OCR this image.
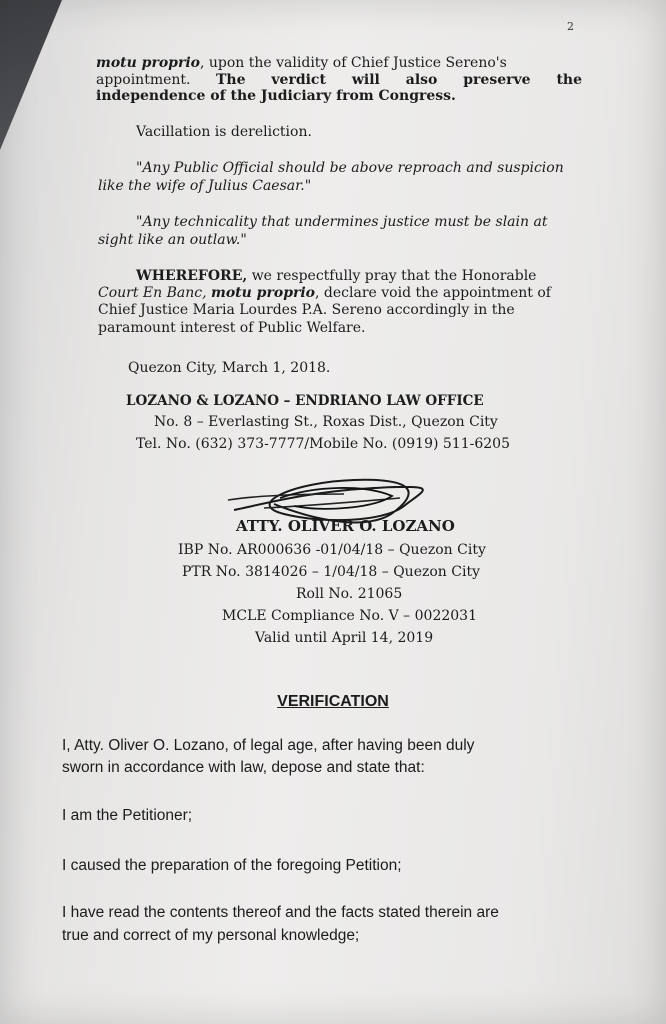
2
motu proprio, upon the validity of Chief Justice Sereno's
appointment. The verdict will also preserve the
independence of the Judiciary from Congress.
Vacillation is dereliction.
"Any Public Official should be above reproach and suspicion
like the wife of Julius Caesar."
"Any technicality that undermines justice must be slain at
sight like an outlaw."
WHEREFORE, we respectfully pray that the Honorable
Court En Banc, motu proprio, declare void the appointment of
Chief Justice Maria Lourdes P.A. Sereno accordingly in the
paramount interest of Public Welfare.
Quezon City, March 1, 2018.
LOZANO & LOZANO – ENDRIANO LAW OFFICE
No. 8 – Everlasting St., Roxas Dist., Quezon City
Tel. No. (632) 373-7777/Mobile No. (0919) 511-6205
ATTY. OLIVER O. LOZANO
IBP No. AR000636 -01/04/18 – Quezon City
PTR No. 3814026 – 1/04/18 – Quezon City
Roll No. 21065
MCLE Compliance No. V – 0022031
Valid until April 14, 2019
VERIFICATION
I, Atty. Oliver O. Lozano, of legal age, after having been duly
sworn in accordance with law, depose and state that:
I am the Petitioner;
I caused the preparation of the foregoing Petition;
I have read the contents thereof and the facts stated therein are
true and correct of my personal knowledge;
